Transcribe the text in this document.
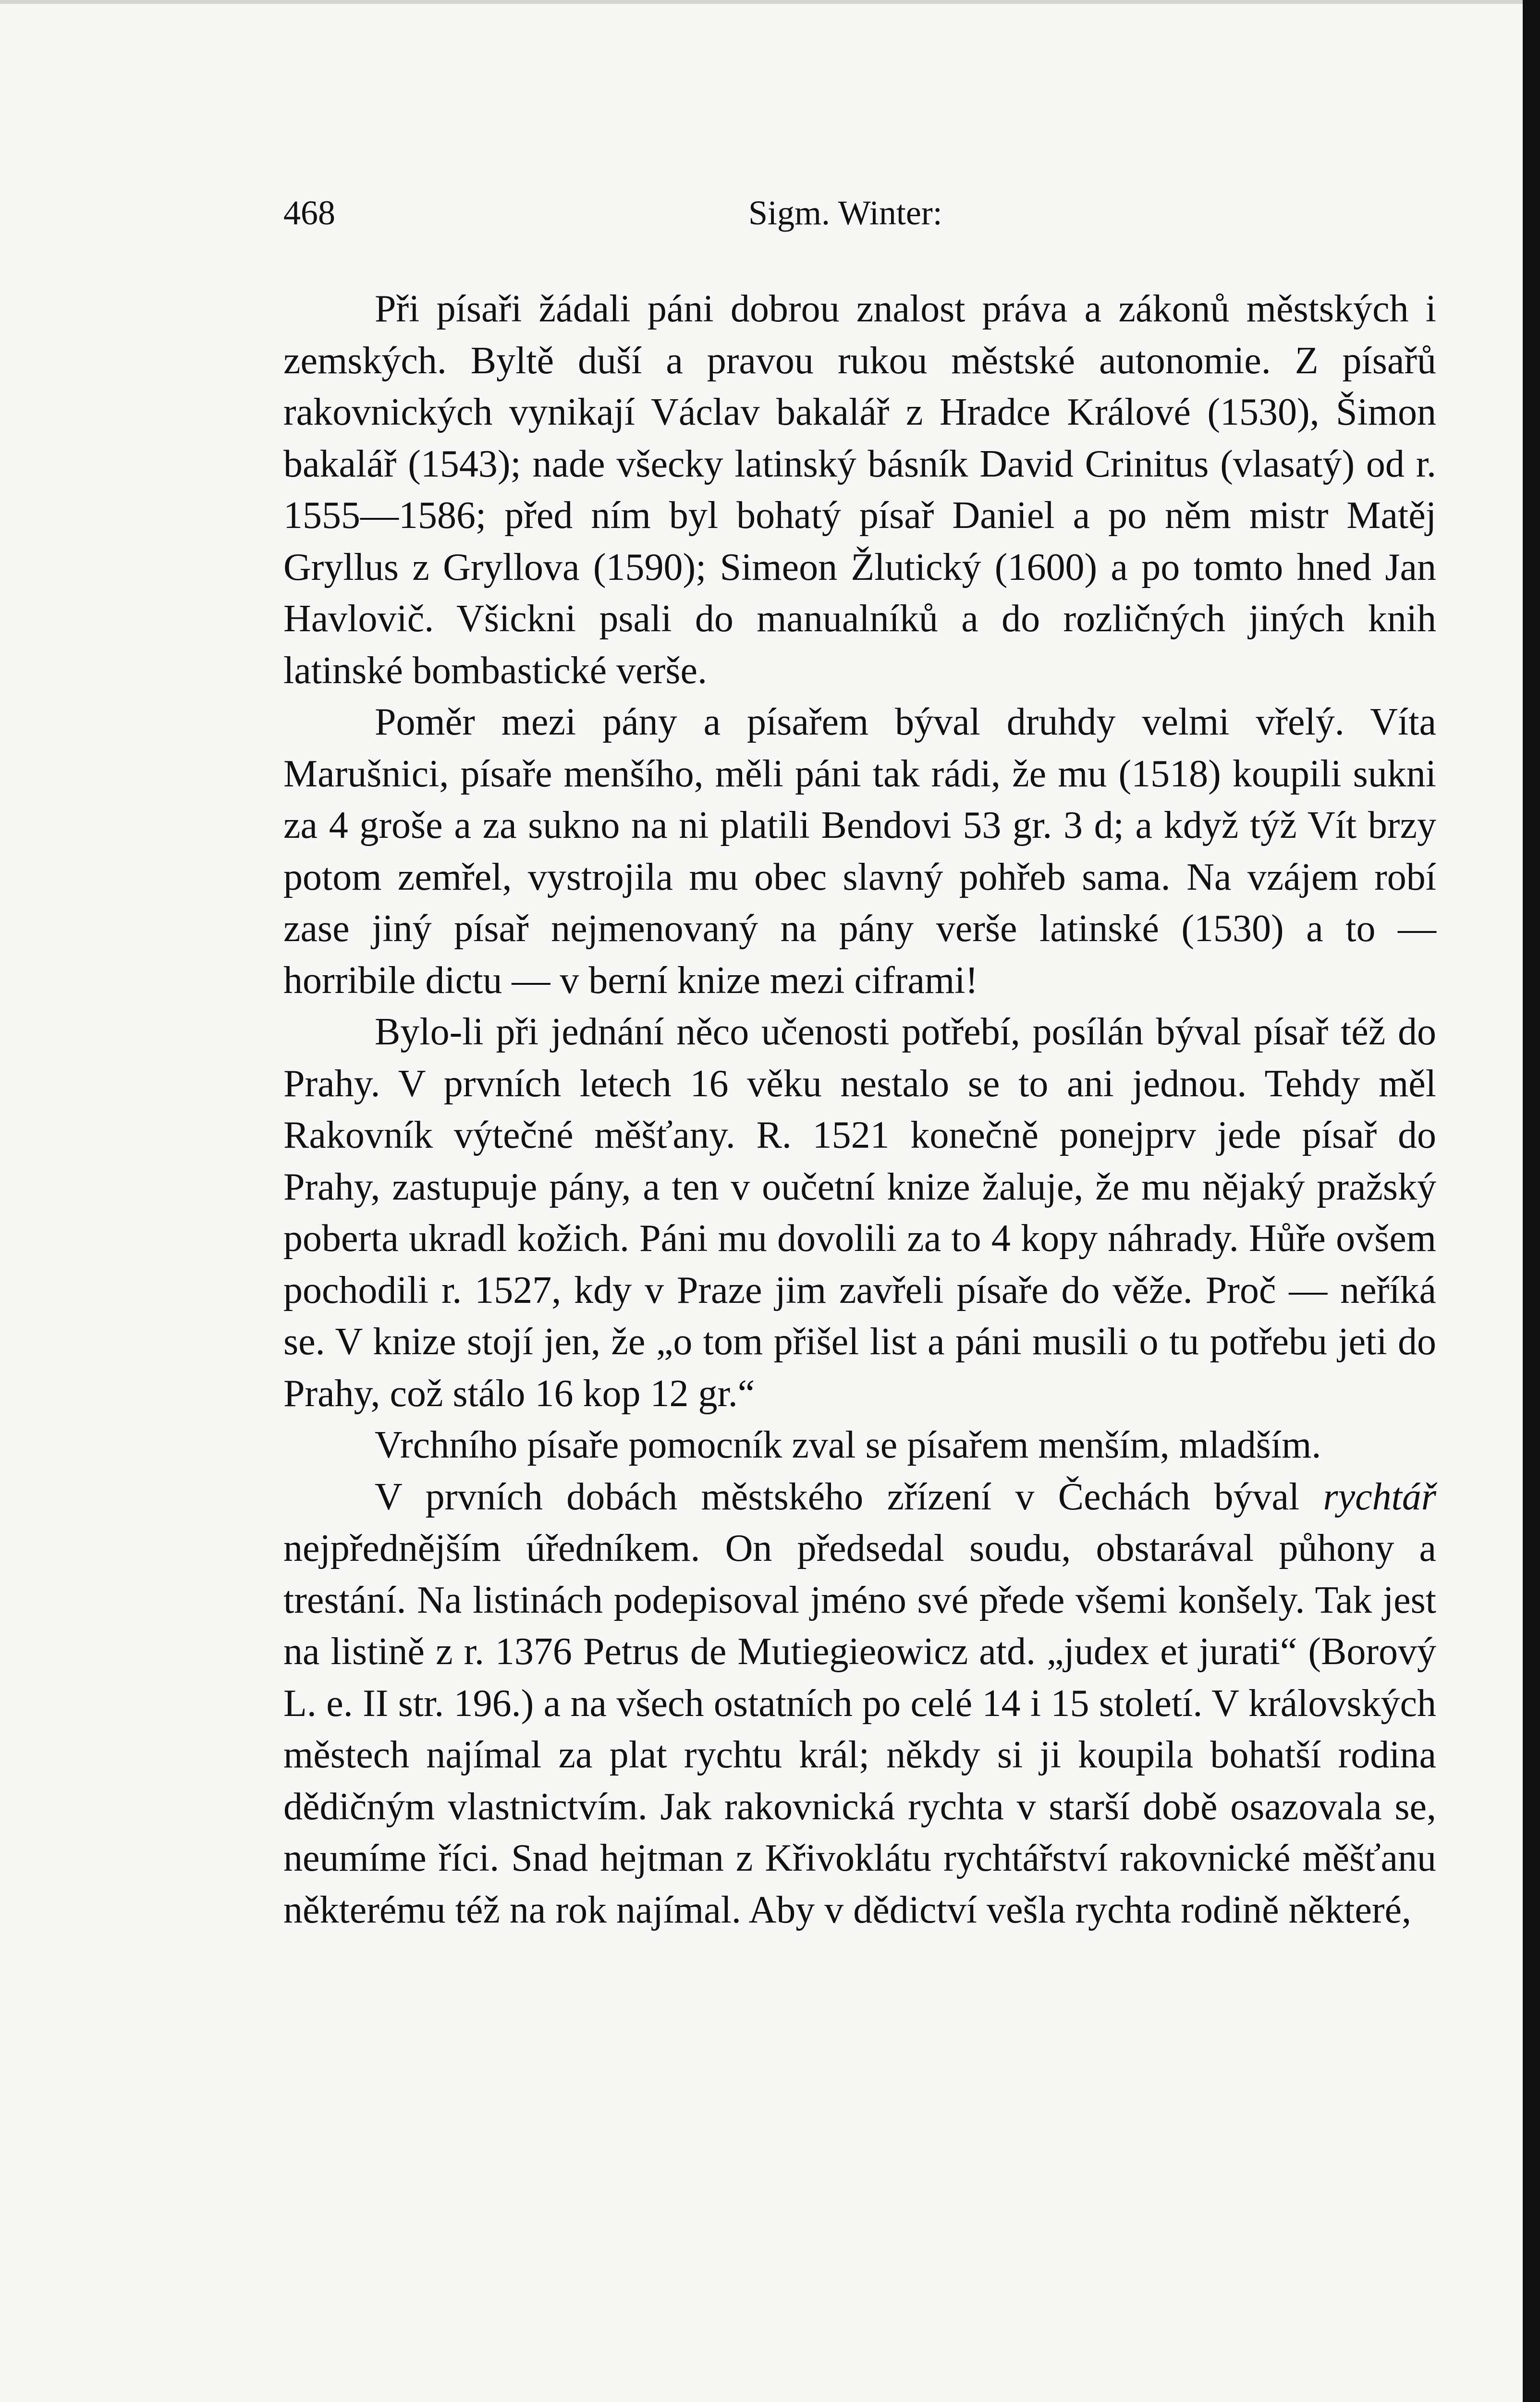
468	Sigm. Winter:

Při písaři žádali páni dobrou znalost práva a zákonů městských i zemských. Byltě duší a pravou rukou městské autonomie. Z písařů rakovnických vynikají Václav bakalář z Hradce Králové (1530), Šimon bakalář (1543); nade všecky latinský básník David Crinitus (vlasatý) od r. 1555—1586; před ním byl bohatý písař Daniel a po něm mistr Matěj Gryllus z Gryllova (1590); Simeon Žlutický (1600) a po tomto hned Jan Havlovič. Všickni psali do manualníků a do rozličných jiných knih latinské bombastické verše.

Poměr mezi pány a písařem býval druhdy velmi vřelý. Víta Marušnici, písaře menšího, měli páni tak rádi, že mu (1518) koupili sukni za 4 groše a za sukno na ni platili Bendovi 53 gr. 3 d; a když týž Vít brzy potom zemřel, vystrojila mu obec slavný pohřeb sama. Na vzájem robí zase jiný písař nejmenovaný na pány verše latinské (1530) a to — horribile dictu — v berní knize mezi ciframi!

Bylo-li při jednání něco učenosti potřebí, posílán býval písař též do Prahy. V prvních letech 16 věku nestalo se to ani jednou. Tehdy měl Rakovník výtečné měšťany. R. 1521 konečně ponejprv jede písař do Prahy, zastupuje pány, a ten v oučetní knize žaluje, že mu nějaký pražský poberta ukradl kožich. Páni mu dovolili za to 4 kopy náhrady. Hůře ovšem pochodili r. 1527, kdy v Praze jim zavřeli písaře do věže. Proč — neříká se. V knize stojí jen, že „o tom přišel list a páni musili o tu potřebu jeti do Prahy, což stálo 16 kop 12 gr.“

Vrchního písaře pomocník zval se písařem menším, mladším.

V prvních dobách městského zřízení v Čechách býval rychtář nejpřednějším úředníkem. On předsedal soudu, obstarával půhony a trestání. Na listinách podepisoval jméno své přede všemi konšely. Tak jest na listině z r. 1376 Petrus de Mutiegieowicz atd. „judex et jurati“ (Borový L. e. II str. 196.) a na všech ostatních po celé 14 i 15 století. V královských městech najímal za plat rychtu král; někdy si ji koupila bohatší rodina dědičným vlastnictvím. Jak rakovnická rychta v starší době osazovala se, neumíme říci. Snad hejtman z Křivoklátu rychtářství rakovnické měšťanu některému též na rok najímal. Aby v dědictví vešla rychta rodině některé,
